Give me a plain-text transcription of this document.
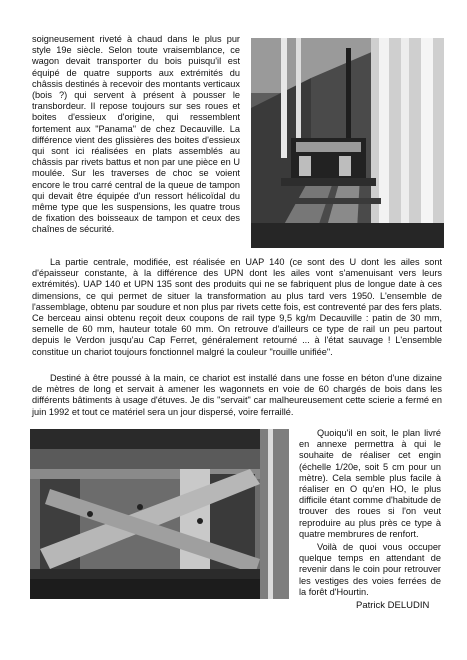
soigneusement riveté à chaud dans le plus pur style 19e siècle. Selon toute vraisemblance, ce wagon devait transporter du bois puisqu'il est équipé de quatre supports aux extrémités du châssis destinés à recevoir des montants verticaux (bois ?) qui servent à présent à pousser le transbordeur. Il repose toujours sur ses roues et boites d'essieux d'origine, qui ressemblent fortement aux "Panama" de chez Decauville. La différence vient des glissières des boites d'essieux qui sont ici réalisées en plats assemblés au châssis par rivets battus et non par une pièce en U moulée. Sur les traverses de choc se voient encore le trou carré central de la queue de tampon qui devait être équipée d'un ressort hélicoïdal du même type que les suspensions, les quatre trous de fixation des boisseaux de tampon et ceux des chaînes de sécurité.

La partie centrale, modifiée, est réalisée en UAP 140 (ce sont des U dont les ailes sont d'épaisseur constante, à la différence des UPN dont les ailes vont s'amenuisant vers leurs extrémités). UAP 140 et UPN 135 sont des produits qui ne se fabriquent plus de longue date à ces dimensions, ce qui permet de situer la transformation au plus tard vers 1950. L'ensemble de l'assemblage, obtenu par soudure et non plus par rivets cette fois, est contreventé par des fers plats. Ce berceau ainsi obtenu reçoit deux coupons de rail type 9,5 kg/m Decauville : patin de 30 mm, semelle de 60 mm, hauteur totale 60 mm. On retrouve d'ailleurs ce type de rail un peu partout depuis le Verdon jusqu'au Cap Ferret, généralement retourné ... à l'état sauvage ! L'ensemble constitue un chariot toujours fonctionnel malgré la couleur "rouille unifiée".

Destiné à être poussé à la main, ce chariot est installé dans une fosse en béton d'une dizaine de mètres de long et servait à amener les wagonnets en voie de 60 chargés de bois dans les différents bâtiments à usage d'étuves. Je dis "servait" car malheureusement cette scierie a fermé en juin 1992 et tout ce matériel sera un jour dispersé, voire ferraillé.

Quoiqu'il en soit, le plan livré en annexe permettra à qui le souhaite de réaliser cet engin (échelle 1/20e, soit 5 cm pour un mètre). Cela semble plus facile à réaliser en O qu'en HO, le plus difficile étant comme d'habitude de trouver des roues si l'on veut reproduire au plus près ce type à quatre membrures de renfort.

Voilà de quoi vous occuper quelque temps en attendant de revenir dans le coin pour retrouver les vestiges des voies ferrées de la forêt d'Hourtin.

Patrick DELUDIN
